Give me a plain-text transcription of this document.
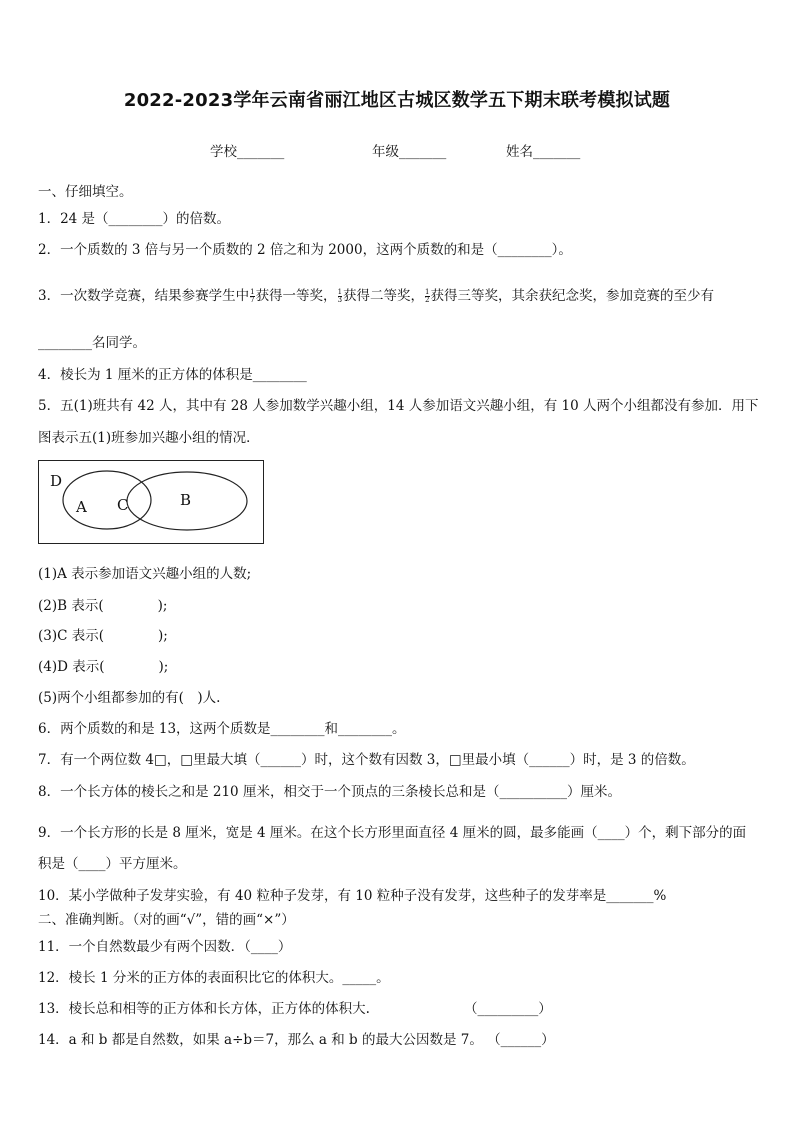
2022-2023学年云南省丽江地区古城区数学五下期末联考模拟试题
学校_______	年级_______	姓名_______
一、仔细填空。
1．24 是（________）的倍数。
2．一个质数的 3 倍与另一个质数的 2 倍之和为 2000，这两个质数的和是（________）。
3．一次数学竞赛，结果参赛学生中 $\frac{1}{7}$ 获得一等奖， $\frac{1}{3}$ 获得二等奖， $\frac{1}{2}$ 获得三等奖，其余获纪念奖，参加竞赛的至少有
________名同学。
4．棱长为 1 厘米的正方体的体积是________
5．五(1)班共有 42 人，其中有 28 人参加数学兴趣小组，14 人参加语文兴趣小组，有 10 人两个小组都没有参加．用下
图表示五(1)班参加兴趣小组的情况．
D
A C	B
(1)A 表示参加语文兴趣小组的人数;
(2)B 表示(　　　　);
(3)C 表示(　　　　);
(4)D 表示(　　　　);
(5)两个小组都参加的有(　)人.
6．两个质数的和是 13，这两个质数是________和________。
7．有一个两位数 4□，□里最大填（______）时，这个数有因数 3，□里最小填（______）时，是 3 的倍数。
8．一个长方体的棱长之和是 210 厘米，相交于一个顶点的三条棱长总和是（__________）厘米。
9．一个长方形的长是 8 厘米，宽是 4 厘米。在这个长方形里面直径 4 厘米的圆，最多能画（____）个，剩下部分的面
积是（____）平方厘米。
10．某小学做种子发芽实验，有 40 粒种子发芽，有 10 粒种子没有发芽，这些种子的发芽率是_______%
二、准确判断。（对的画“√”，错的画“×”）
11．一个自然数最少有两个因数．（____）
12．棱长 1 分米的正方体的表面积比它的体积大。_____。
13．棱长总和相等的正方体和长方体，正方体的体积大.	（_________）
14．a 和 b 都是自然数，如果 a÷b＝7，那么 a 和 b 的最大公因数是 7。 （______）
